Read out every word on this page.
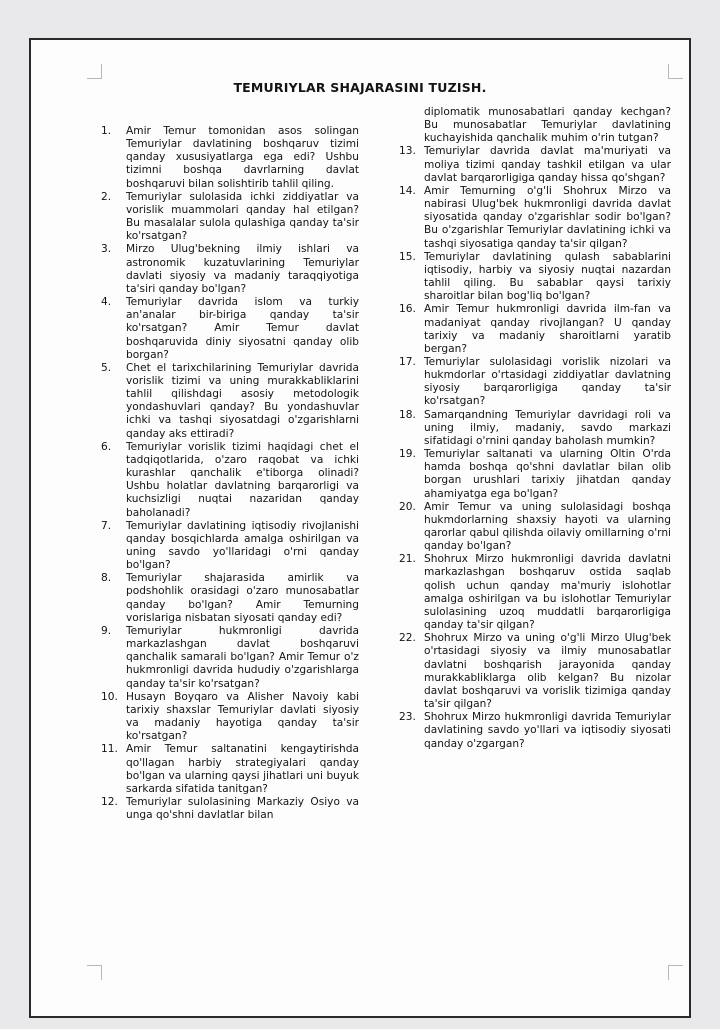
TEMURIYLAR SHAJARASINI TUZISH.

1. Amir Temur tomonidan asos solingan Temuriylar davlatining boshqaruv tizimi qanday xususiyatlarga ega edi? Ushbu tizimni boshqa davrlarning davlat boshqaruvi bilan solishtirib tahlil qiling.

2. Temuriylar sulolasida ichki ziddiyatlar va vorislik muammolari qanday hal etilgan? Bu masalalar sulola qulashiga qanday ta'sir ko'rsatgan?

3. Mirzo Ulug'bekning ilmiy ishlari va astronomik kuzatuvlarining Temuriylar davlati siyosiy va madaniy taraqqiyotiga ta'siri qanday bo'lgan?

4. Temuriylar davrida islom va turkiy an'analar bir-biriga qanday ta'sir ko'rsatgan? Amir Temur davlat boshqaruvida diniy siyosatni qanday olib borgan?

5. Chet el tarixchilarining Temuriylar davrida vorislik tizimi va uning murakkabliklarini tahlil qilishdagi asosiy metodologik yondashuvlari qanday? Bu yondashuvlar ichki va tashqi siyosatdagi o'zgarishlarni qanday aks ettiradi?

6. Temuriylar vorislik tizimi haqidagi chet el tadqiqotlarida, o'zaro raqobat va ichki kurashlar qanchalik e'tiborga olinadi? Ushbu holatlar davlatning barqarorligi va kuchsizligi nuqtai nazaridan qanday baholanadi?

7. Temuriylar davlatining iqtisodiy rivojlanishi qanday bosqichlarda amalga oshirilgan va uning savdo yo'llaridagi o'rni qanday bo'lgan?

8. Temuriylar shajarasida amirlik va podshohlik orasidagi o'zaro munosabatlar qanday bo'lgan? Amir Temurning vorislariga nisbatan siyosati qanday edi?

9. Temuriylar hukmronligi davrida markazlashgan davlat boshqaruvi qanchalik samarali bo'lgan? Amir Temur o'z hukmronligi davrida hududiy o'zgarishlarga qanday ta'sir ko'rsatgan?

10. Husayn Boyqaro va Alisher Navoiy kabi tarixiy shaxslar Temuriylar davlati siyosiy va madaniy hayotiga qanday ta'sir ko'rsatgan?

11. Amir Temur saltanatini kengaytirishda qo'llagan harbiy strategiyalari qanday bo'lgan va ularning qaysi jihatlari uni buyuk sarkarda sifatida tanitgan?

12. Temuriylar sulolasining Markaziy Osiyo va unga qo'shni davlatlar bilan

diplomatik munosabatlari qanday kechgan? Bu munosabatlar Temuriylar davlatining kuchayishida qanchalik muhim o'rin tutgan?

13. Temuriylar davrida davlat ma'muriyati va moliya tizimi qanday tashkil etilgan va ular davlat barqarorligiga qanday hissa qo'shgan?

14. Amir Temurning o'g'li Shohrux Mirzo va nabirasi Ulug'bek hukmronligi davrida davlat siyosatida qanday o'zgarishlar sodir bo'lgan? Bu o'zgarishlar Temuriylar davlatining ichki va tashqi siyosatiga qanday ta'sir qilgan?

15. Temuriylar davlatining qulash sabablarini iqtisodiy, harbiy va siyosiy nuqtai nazardan tahlil qiling. Bu sabablar qaysi tarixiy sharoitlar bilan bog'liq bo'lgan?

16. Amir Temur hukmronligi davrida ilm-fan va madaniyat qanday rivojlangan? U qanday tarixiy va madaniy sharoitlarni yaratib bergan?

17. Temuriylar sulolasidagi vorislik nizolari va hukmdorlar o'rtasidagi ziddiyatlar davlatning siyosiy barqarorligiga qanday ta'sir ko'rsatgan?

18. Samarqandning Temuriylar davridagi roli va uning ilmiy, madaniy, savdo markazi sifatidagi o'rnini qanday baholash mumkin?

19. Temuriylar saltanati va ularning Oltin O'rda hamda boshqa qo'shni davlatlar bilan olib borgan urushlari tarixiy jihatdan qanday ahamiyatga ega bo'lgan?

20. Amir Temur va uning sulolasidagi boshqa hukmdorlarning shaxsiy hayoti va ularning qarorlar qabul qilishda oilaviy omillarning o'rni qanday bo'lgan?

21. Shohrux Mirzo hukmronligi davrida davlatni markazlashgan boshqaruv ostida saqlab qolish uchun qanday ma'muriy islohotlar amalga oshirilgan va bu islohotlar Temuriylar sulolasining uzoq muddatli barqarorligiga qanday ta'sir qilgan?

22. Shohrux Mirzo va uning o'g'li Mirzo Ulug'bek o'rtasidagi siyosiy va ilmiy munosabatlar davlatni boshqarish jarayonida qanday murakkabliklarga olib kelgan? Bu nizolar davlat boshqaruvi va vorislik tizimiga qanday ta'sir qilgan?

23. Shohrux Mirzo hukmronligi davrida Temuriylar davlatining savdo yo'llari va iqtisodiy siyosati qanday o'zgargan?
